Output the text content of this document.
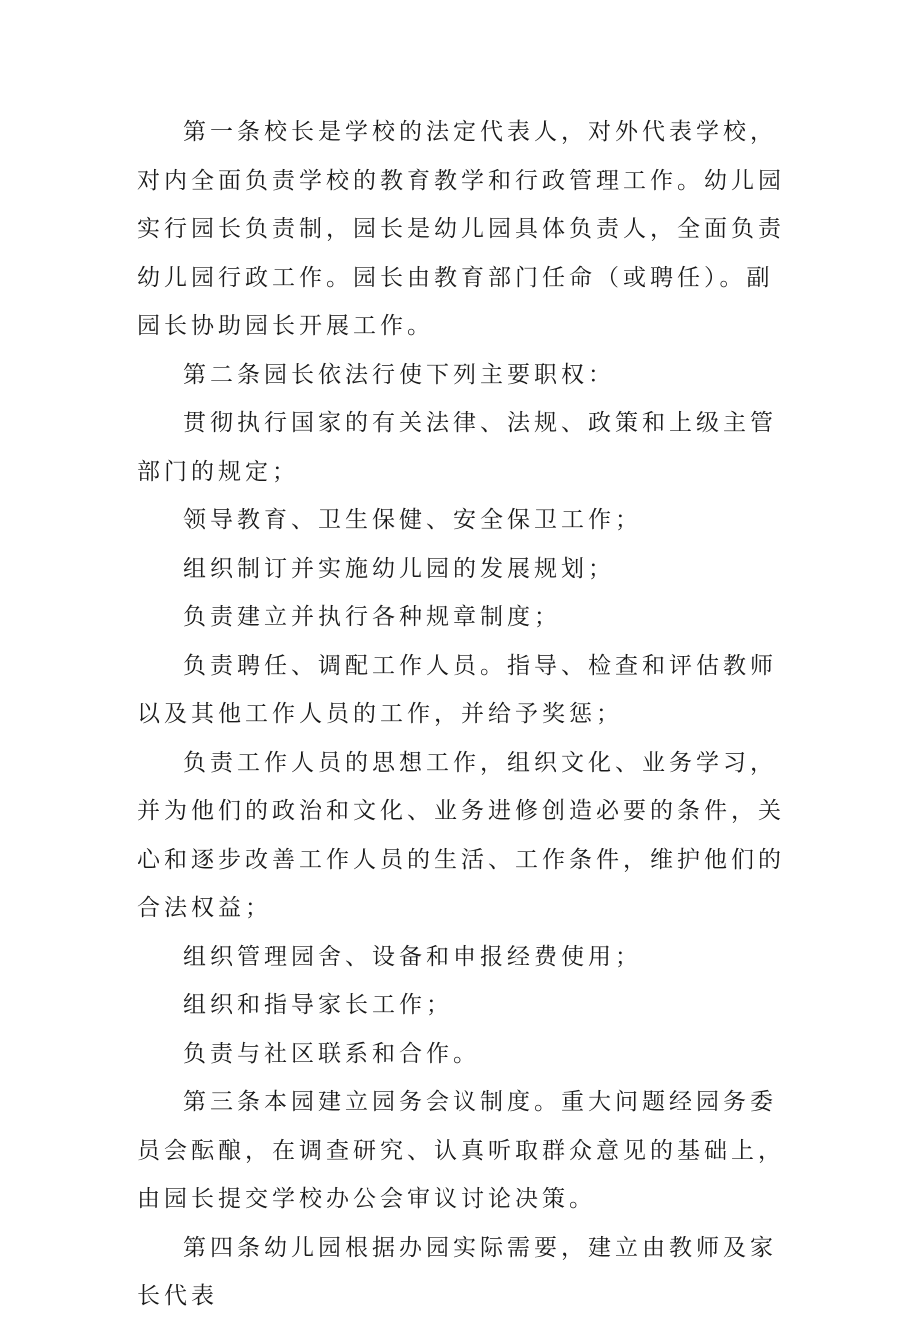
第一条校长是学校的法定代表人，对外代表学校，对内全面负责学校的教育教学和行政管理工作。幼儿园实行园长负责制，园长是幼儿园具体负责人，全面负责幼儿园行政工作。园长由教育部门任命（或聘任）。副园长协助园长开展工作。

第二条园长依法行使下列主要职权：

贯彻执行国家的有关法律、法规、政策和上级主管部门的规定；

领导教育、卫生保健、安全保卫工作；

组织制订并实施幼儿园的发展规划；

负责建立并执行各种规章制度；

负责聘任、调配工作人员。指导、检查和评估教师以及其他工作人员的工作，并给予奖惩；

负责工作人员的思想工作，组织文化、业务学习，并为他们的政治和文化、业务进修创造必要的条件，关心和逐步改善工作人员的生活、工作条件，维护他们的合法权益；

组织管理园舍、设备和申报经费使用；

组织和指导家长工作；

负责与社区联系和合作。

第三条本园建立园务会议制度。重大问题经园务委员会酝酿，在调查研究、认真听取群众意见的基础上，由园长提交学校办公会审议讨论决策。

第四条幼儿园根据办园实际需要，建立由教师及家长代表
